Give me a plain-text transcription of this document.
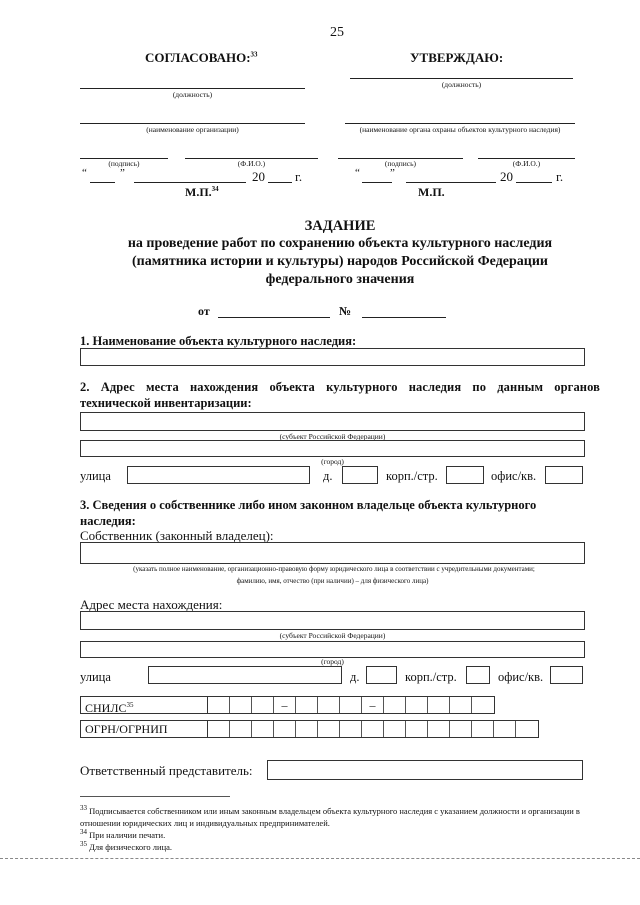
25
СОГЛАСОВАНО:$^{33}$	УТВЕРЖДАЮ:
(должность)
(должность)
(наименование организации)	(наименование органа охраны объектов культурного наследия)
(подпись)	(Ф.И.О.)	(подпись)	(Ф.И.О.)
“	”	20 г.	“	”	20	г.
М.П.$^{34}$	М.П.
ЗАДАНИЕ
на проведение работ по сохранению объекта культурного наследия
(памятника истории и культуры) народов Российской Федерации
федерального значения
от	№
1. Наименование объекта культурного наследия:
2. Адрес места нахождения объекта культурного наследия по данным органов
технической инвентаризации:
(субъект Российской Федерации)
(город)
улица	д.	корп./стр.	офис/кв.
3. Сведения о собственнике либо ином законном владельце объекта культурного
наследия:
Собственник (законный владелец):
(указать полное наименование, организационно-правовую форму юридического лица в соответствии с учредительными документами;
фамилию, имя, отчество (при наличии) – для физического лица)
Адрес места нахождения:
(субъект Российской Федерации)
(город)
улица	д.	корп./стр.	офис/кв.
СНИЛС$^{35}$	–	–
ОГРН/ОГРНИП
Ответственный представитель:
$^{33}$ Подписывается собственником или иным законным владельцем объекта культурного наследия с указанием должности и организации в отношении юридических лиц и индивидуальных предпринимателей.
$^{34}$ При наличии печати.
$^{35}$ Для физического лица.
